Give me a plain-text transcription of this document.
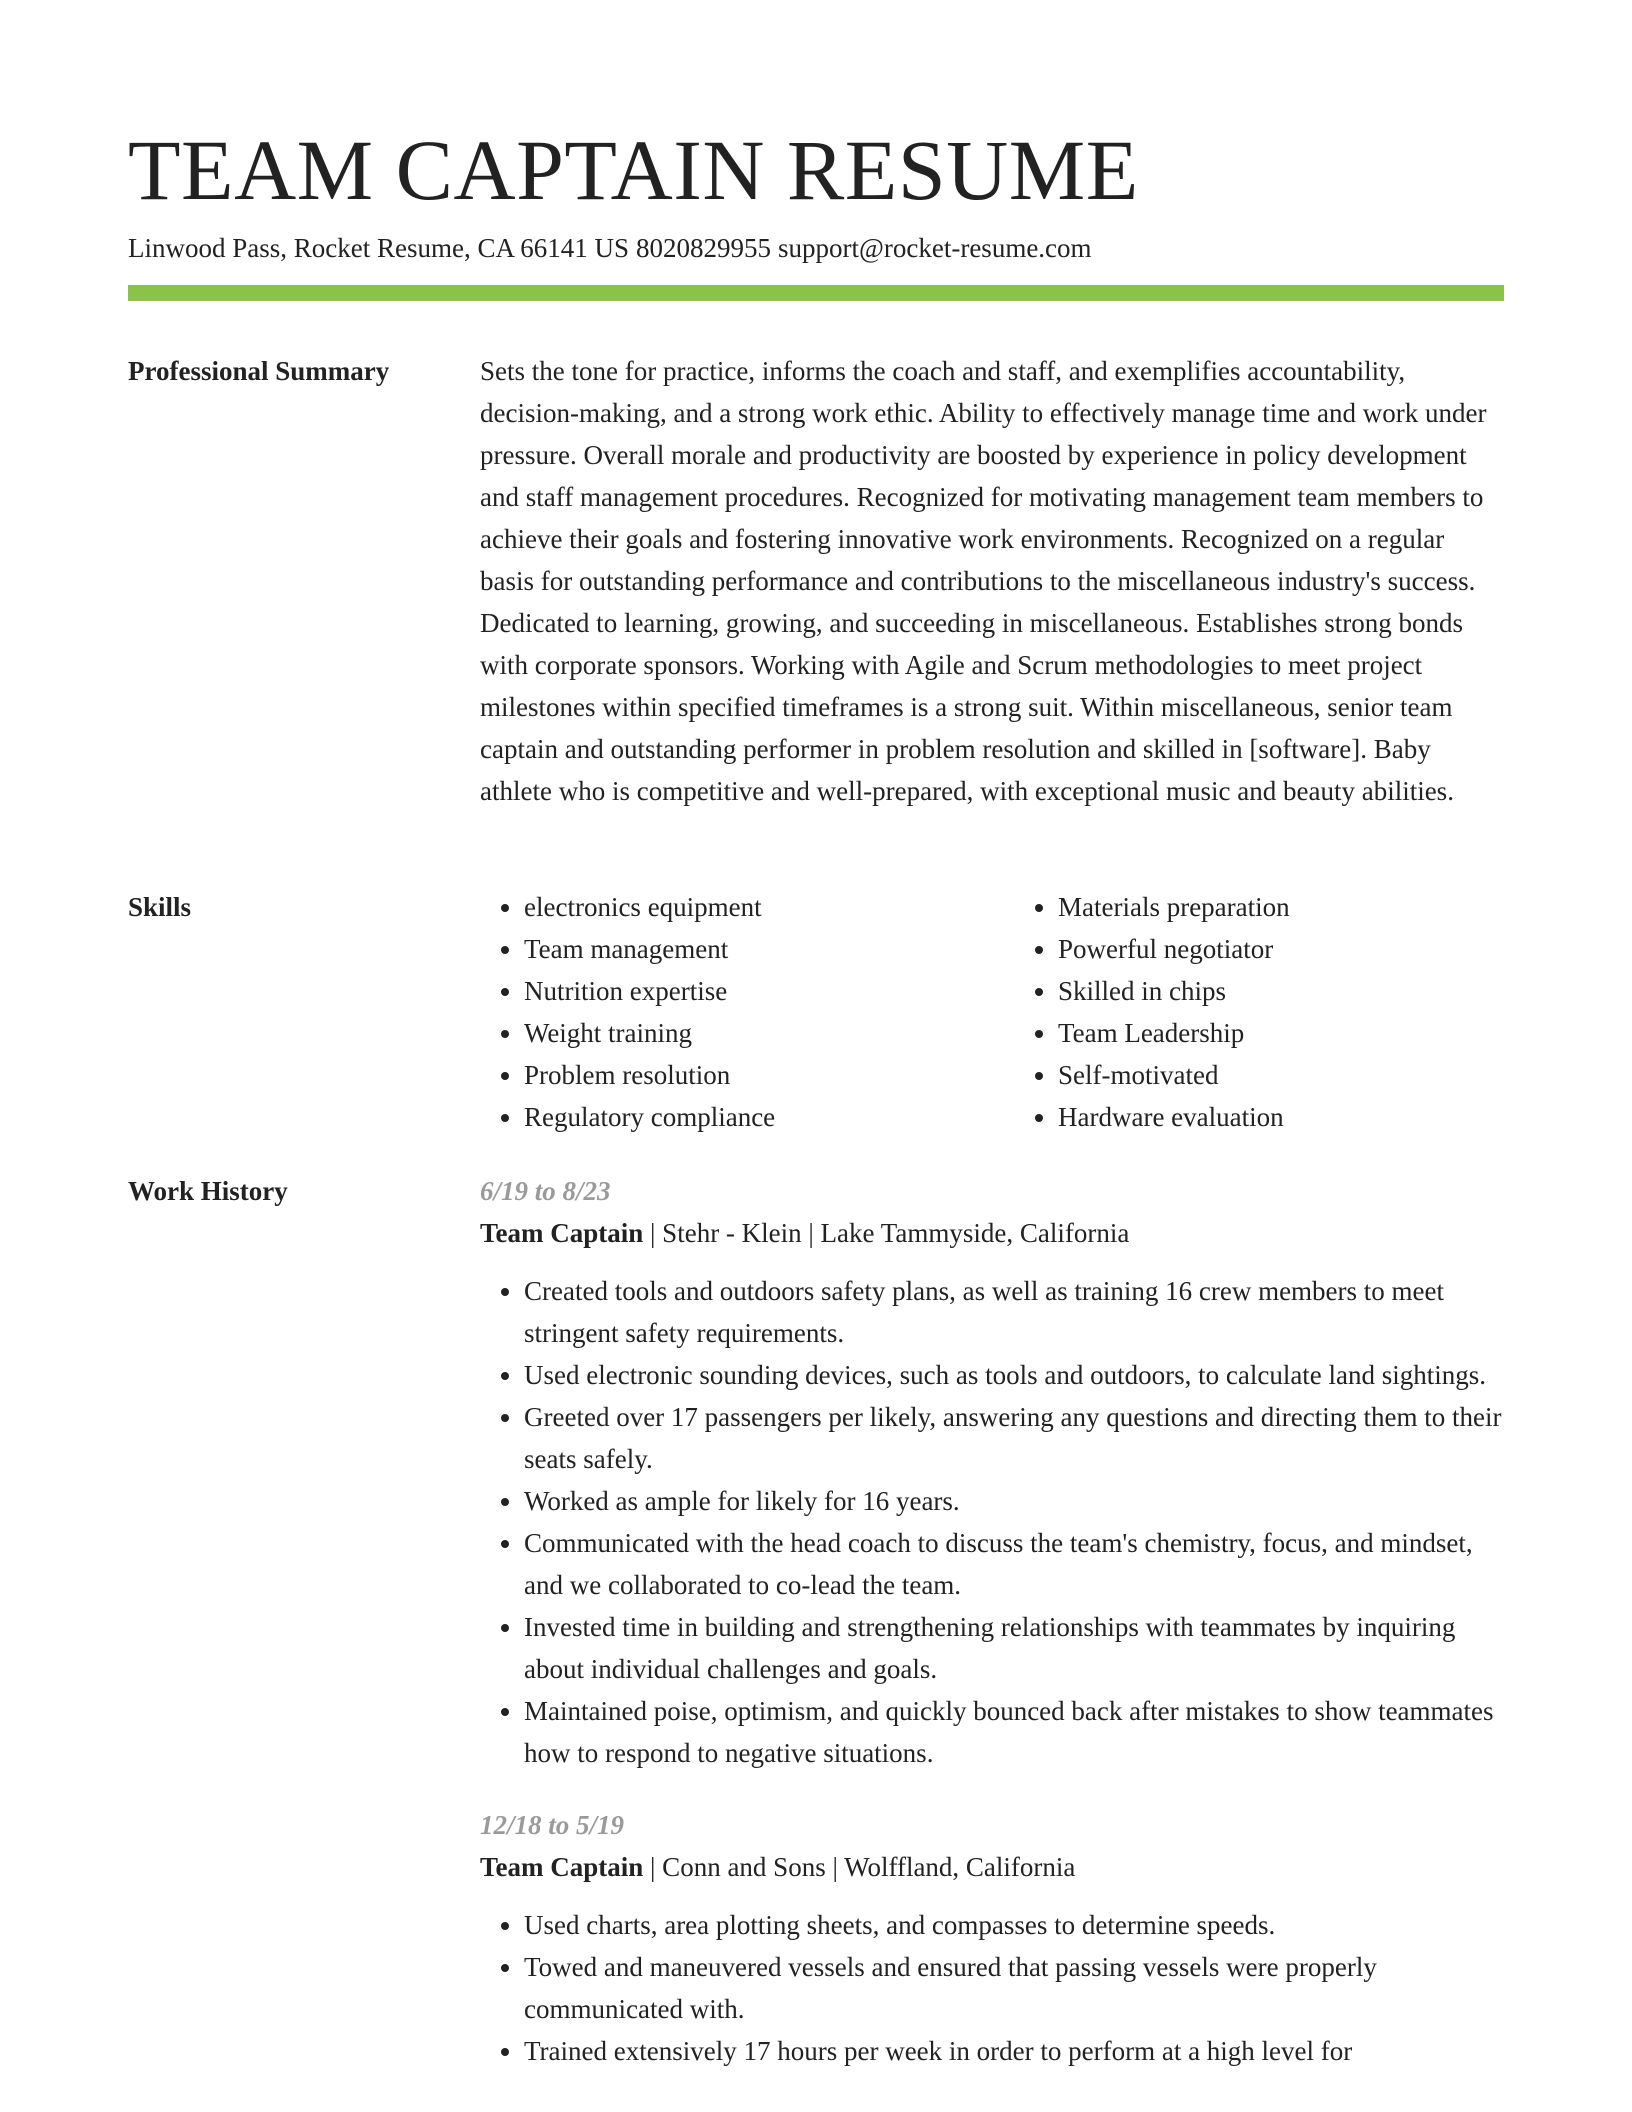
TEAM CAPTAIN RESUME
Linwood Pass, Rocket Resume, CA 66141 US 8020829955 support@rocket-resume.com
Professional Summary	Sets the tone for practice, informs the coach and staff, and exemplifies accountability, decision-making, and a strong work ethic. Ability to effectively manage time and work under pressure. Overall morale and productivity are boosted by experience in policy development and staff management procedures. Recognized for motivating management team members to achieve their goals and fostering innovative work environments. Recognized on a regular basis for outstanding performance and contributions to the miscellaneous industry's success. Dedicated to learning, growing, and succeeding in miscellaneous. Establishes strong bonds with corporate sponsors. Working with Agile and Scrum methodologies to meet project milestones within specified timeframes is a strong suit. Within miscellaneous, senior team captain and outstanding performer in problem resolution and skilled in [software]. Baby athlete who is competitive and well-prepared, with exceptional music and beauty abilities.

Skills
•	electronics equipment
• Team management
• Nutrition expertise
• Weight training
• Problem resolution
• Regulatory compliance
• Materials preparation
• Powerful negotiator
• Skilled in chips
• Team Leadership
• Self-motivated
• Hardware evaluation
Work History	6/19 to 8/23
Team Captain | Stehr - Klein | Lake Tammyside, California
• Created tools and outdoors safety plans, as well as training 16 crew members to meet stringent safety requirements.
• Used electronic sounding devices, such as tools and outdoors, to calculate land sightings.
• Greeted over 17 passengers per likely, answering any questions and directing them to their seats safely.
• Worked as ample for likely for 16 years.
• Communicated with the head coach to discuss the team's chemistry, focus, and mindset, and we collaborated to co-lead the team.
• Invested time in building and strengthening relationships with teammates by inquiring about individual challenges and goals.
• Maintained poise, optimism, and quickly bounced back after mistakes to show teammates how to respond to negative situations.
12/18 to 5/19
Team Captain | Conn and Sons | Wolffland, California
• Used charts, area plotting sheets, and compasses to determine speeds.
• Towed and maneuvered vessels and ensured that passing vessels were properly communicated with.
• Trained extensively 17 hours per week in order to perform at a high level for
